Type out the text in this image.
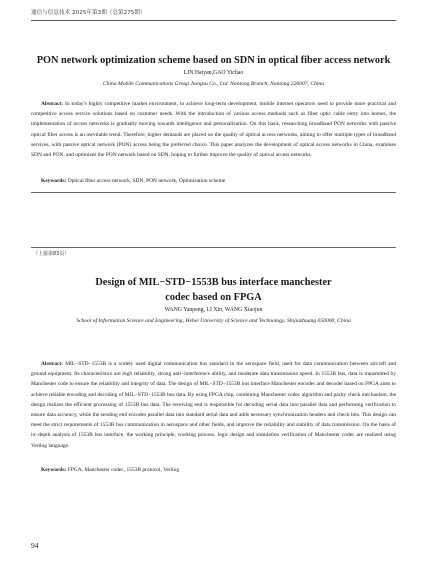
通信与信息技术 2025年第3期（总第275期）
PON network optimization scheme based on SDN in optical fiber access network
LIN Haiyan,GAO Yichao
China Mobile Communications Group Jiangsu Co., Ltd. Nantong Branch, Nantong 226007, China
Abstract: In today's highly competitive market environment, to achieve long-term development, mobile internet operators need to provide more practical and competitive access service solutions based on customer needs. With the introduction of various access methods such as fiber optic cable entry into homes, the implementation of access networks is gradually moving towards intelligence and personalization. On this basis, researching broadband PON networks with passive optical fiber access is an inevitable trend. Therefore, higher demands are placed on the quality of optical access networks, aiming to offer multiple types of broadband services, with passive optical network (PON) access being the preferred choice. This paper analyzes the development of optical access networks in China, examines SDN and PON, and optimizes the PON network based on SDN, hoping to further improve the quality of optical access networks.
Keywords: Optical fiber access network, SDN, PON network, Optimization scheme
（上接第83页）
Design of MIL−STD−1553B bus interface manchester
codec based on FPGA
WANG Yanpeng, LI Xin, WANG Xiaojun
School of Information Science and Engineering, Hebei University of Science and Technology, Shijiazhuang 050000, China
Abstract: MIL−STD−1553B is a widely used digital communication bus standard in the aerospace field, used for data communication between aircraft and ground equipment. Its characteristics are high reliability, strong anti−interference ability, and moderate data transmission speed. In 1553B bus, data is transmitted by Manchester code to ensure the reliability and integrity of data. The design of MIL−STD−1553B bus interface Manchester encoder and decoder based on FPGA aims to achieve reliable encoding and decoding of MIL−STD−1553B bus data. By using FPGA chip, combining Manchester codec algorithm and parity check mechanism, the design realizes the efficient processing of 1553B bus data. The receiving end is responsible for decoding serial data into parallel data and performing verification to ensure data accuracy, while the sending end encodes parallel data into standard serial data and adds necessary synchronization headers and check bits. This design can meet the strict requirements of 1553B bus communication in aerospace and other fields, and improve the reliability and stability of data transmission. On the basis of in−depth analysis of 1553B bus interface, the working principle, working process, logic design and simulation verification of Manchester codec are realized using Verilog language.
Keywords: FPGA, Manchester codec, 1553B protocol, Verilog
94
